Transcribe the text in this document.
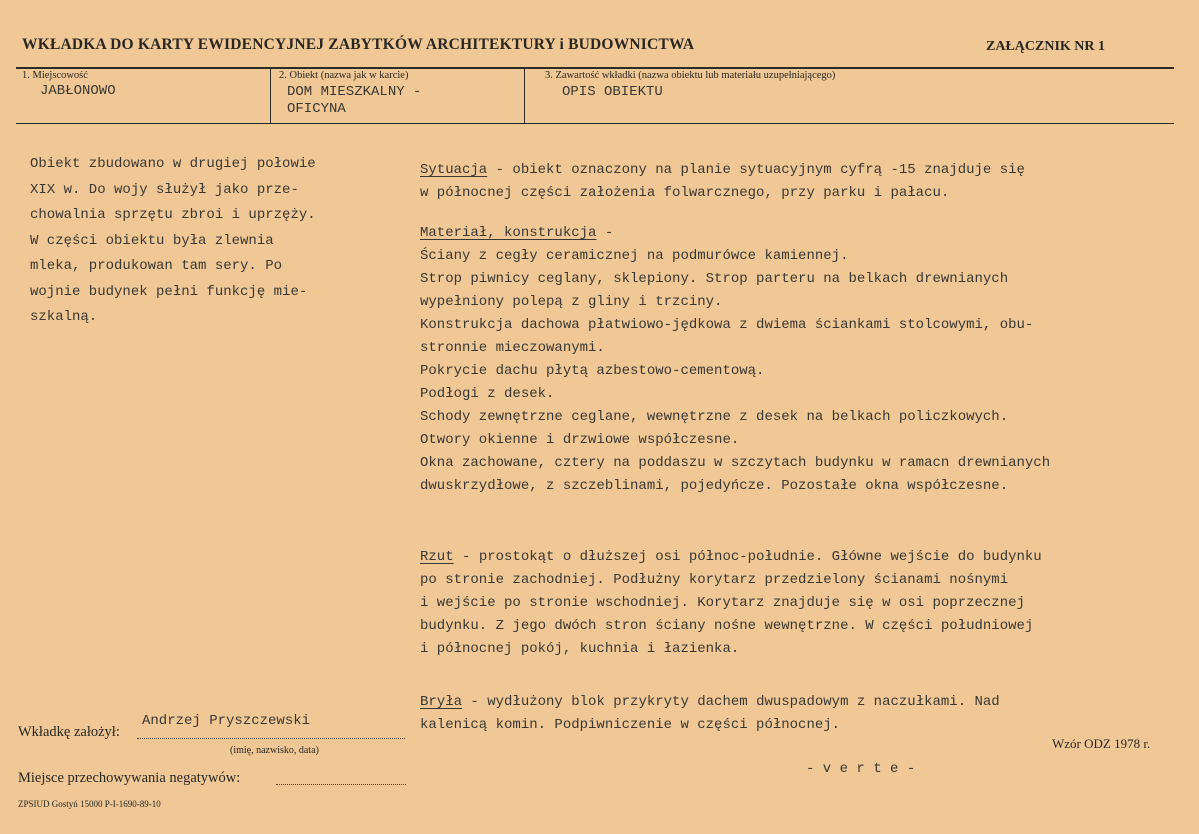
WKŁADKA DO KARTY EWIDENCYJNEJ ZABYTKÓW ARCHITEKTURY i BUDOWNICTWA	ZAŁĄCZNIK NR 1
1. Miejscowość
JABŁONOWO
2. Obiekt (nazwa jak w karcie)
DOM MIESZKALNY -
OFICYNA
3. Zawartość wkładki (nazwa obiektu lub materiału uzupełniającego)
OPIS OBIEKTU
Obiekt zbudowano w drugiej połowie
XIX w. Do wojy służył jako prze-
chowalnia sprzętu zbroi i uprzęży.
W części obiektu była zlewnia
mleka, produkowan tam sery. Po
wojnie budynek pełni funkcję mie-
szkalną.
Sytuacja - obiekt oznaczony na planie sytuacyjnym cyfrą -15 znajduje się
w północnej części założenia folwarcznego, przy parku i pałacu.
Materiał, konstrukcja -
Ściany z cegły ceramicznej na podmurówce kamiennej.
Strop piwnicy ceglany, sklepiony. Strop parteru na belkach drewnianych
wypełniony polepą z gliny i trzciny.
Konstrukcja dachowa płatwiowo-jędkowa z dwiema ściankami stolcowymi, obu-
stronnie mieczowanymi.
Pokrycie dachu płytą azbestowo-cementową.
Podłogi z desek.
Schody zewnętrzne ceglane, wewnętrzne z desek na belkach policzkowych.
Otwory okienne i drzwiowe współczesne.
Okna zachowane, cztery na poddaszu w szczytach budynku w ramacn drewnianych
dwuskrzydłowe, z szczeblinami, pojedyńcze. Pozostałe okna współczesne.
Rzut - prostokąt o dłuższej osi północ-południe. Główne wejście do budynku
po stronie zachodniej. Podłużny korytarz przedzielony ścianami nośnymi
i wejście po stronie wschodniej. Korytarz znajduje się w osi poprzecznej
budynku. Z jego dwóch stron ściany nośne wewnętrzne. W części południowej
i północnej pokój, kuchnia i łazienka.
Bryła - wydłużony blok przykryty dachem dwuspadowym z naczułkami. Nad
kalenicą komin. Podpiwniczenie w części północnej.
Wkładkę założył:
Andrzej Pryszczewski
(imię, nazwisko, data)	Wzór ODZ 1978 r.
Miejsce przechowywania negatywów:
- v e r t e -
ZPSIUD Gostyń 15000 P-I-1690-89-10
